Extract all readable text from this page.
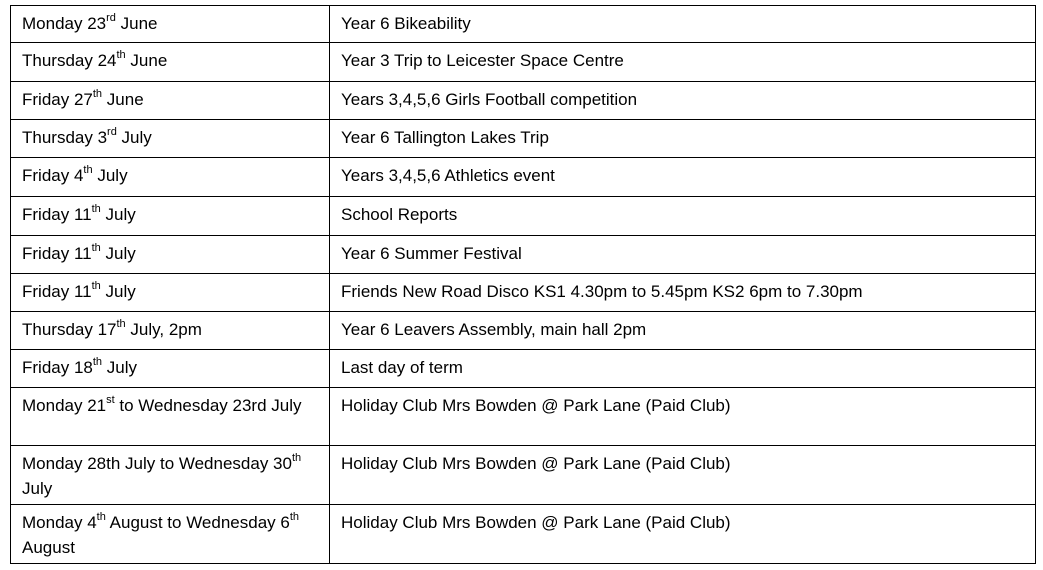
Monday 23rd June	Year 6 Bikeability
Thursday 24th June	Year 3 Trip to Leicester Space Centre
Friday 27th June	Years 3,4,5,6 Girls Football competition
Thursday 3rd July	Year 6 Tallington Lakes Trip
Friday 4th July	Years 3,4,5,6 Athletics event
Friday 11th July	School Reports
Friday 11th July	Year 6 Summer Festival
Friday 11th July	Friends New Road Disco KS1 4.30pm to 5.45pm KS2 6pm to 7.30pm
Thursday 17th July, 2pm	Year 6 Leavers Assembly, main hall 2pm
Friday 18th July	Last day of term
Monday 21st to Wednesday 23rd July	Holiday Club Mrs Bowden @ Park Lane (Paid Club)
Monday 28th July to Wednesday 30th July	Holiday Club Mrs Bowden @ Park Lane (Paid Club)
Monday 4th August to Wednesday 6th August	Holiday Club Mrs Bowden @ Park Lane (Paid Club)
